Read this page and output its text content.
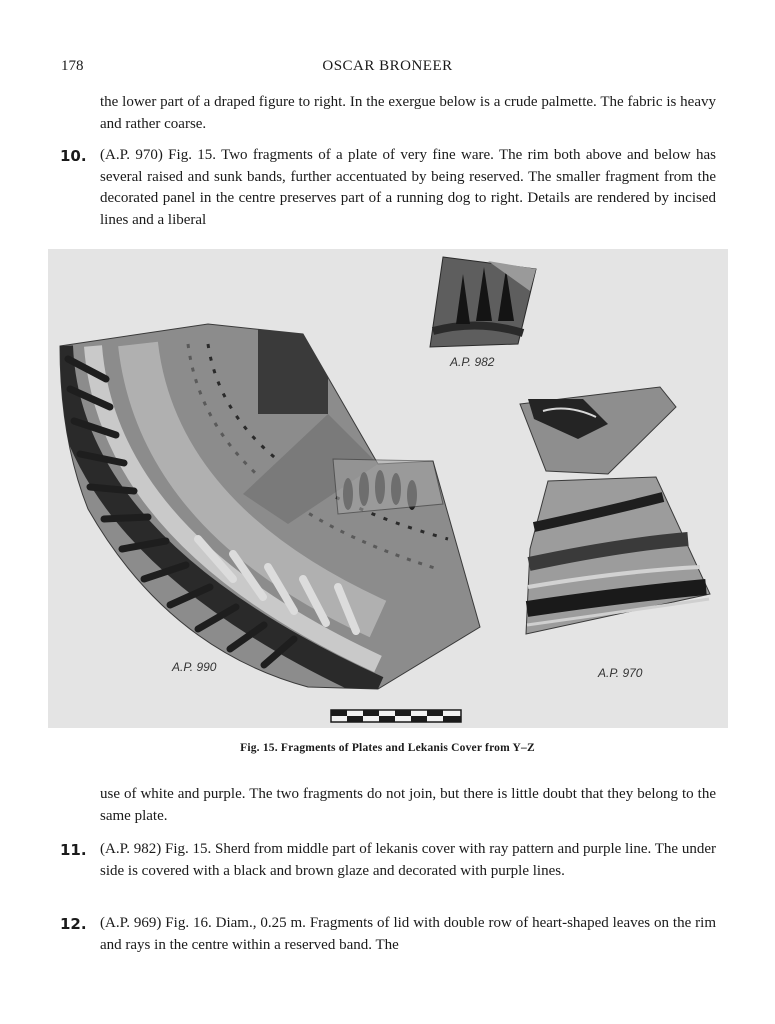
178	OSCAR BRONEER
the lower part of a draped figure to right. In the exergue below is a crude palmette. The fabric is heavy and rather coarse.
10. (A.P. 970) Fig. 15. Two fragments of a plate of very fine ware. The rim both above and below has several raised and sunk bands, further accentuated by being reserved. The smaller fragment from the decorated panel in the centre preserves part of a running dog to right. Details are rendered by incised lines and a liberal
A.P. 982
A.P. 990	A.P. 970
Fig. 15. Fragments of Plates and Lekanis Cover from Y–Z
use of white and purple. The two fragments do not join, but there is little doubt that they belong to the same plate.
11. (A.P. 982) Fig. 15. Sherd from middle part of lekanis cover with ray pattern and purple line. The under side is covered with a black and brown glaze and decorated with purple lines.
12. (A.P. 969) Fig. 16. Diam., 0.25 m. Fragments of lid with double row of heart-shaped leaves on the rim and rays in the centre within a reserved band. The
